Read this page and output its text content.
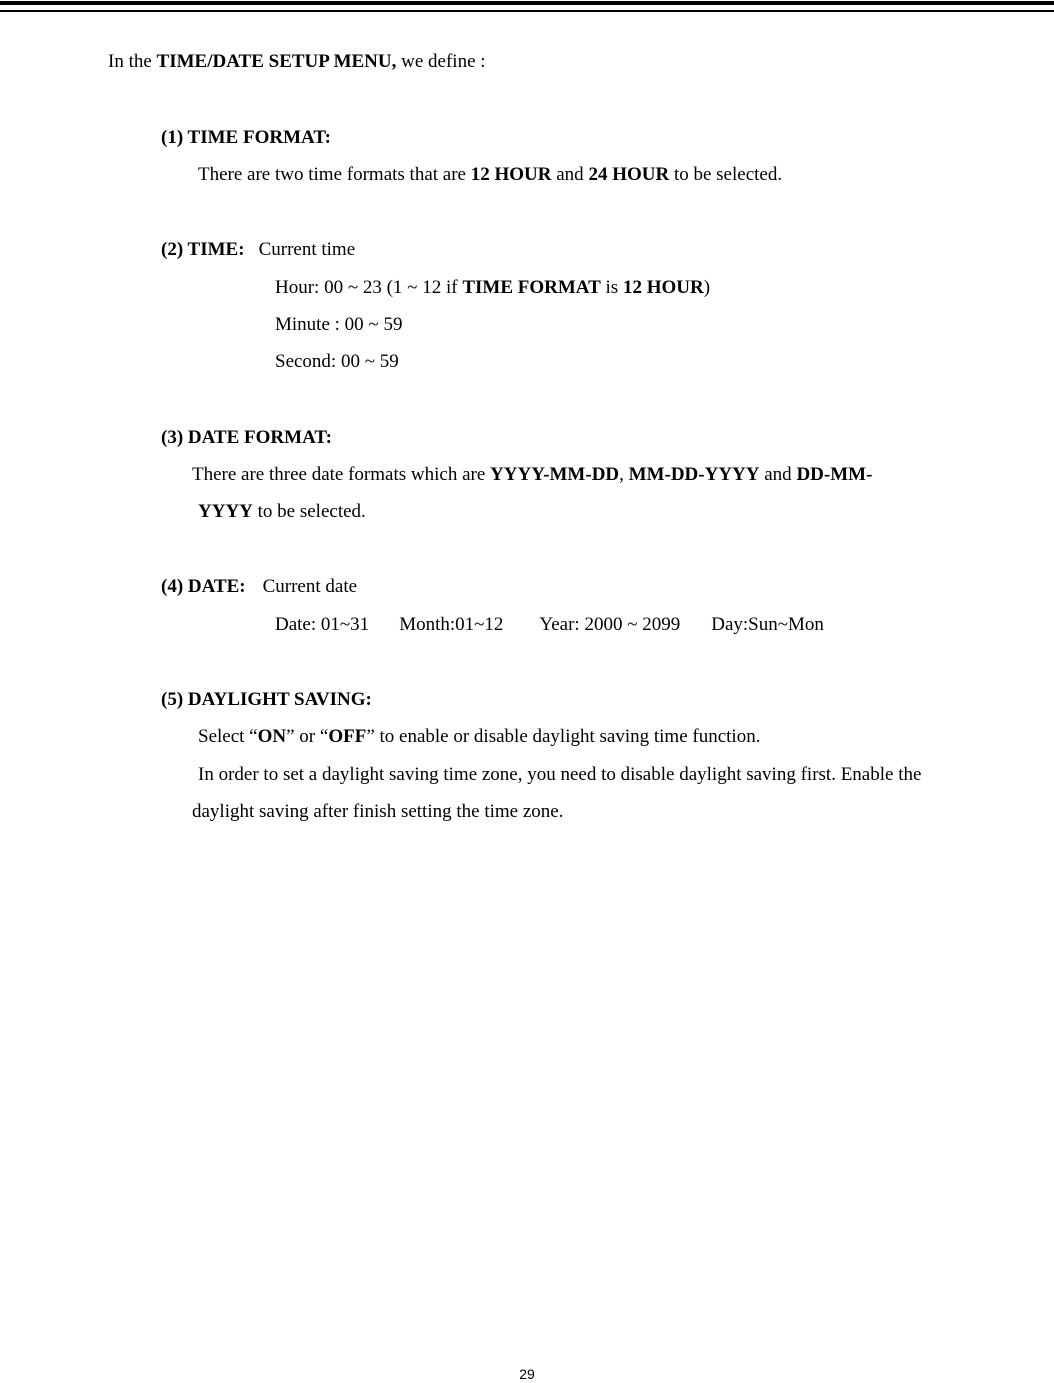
In the TIME/DATE SETUP MENU, we define :
(1) TIME FORMAT:
There are two time formats that are 12 HOUR and 24 HOUR to be selected.
(2) TIME: Current time
Hour: 00 ~ 23 (1 ~ 12 if TIME FORMAT is 12 HOUR)
Minute : 00 ~ 59
Second: 00 ~ 59
(3) DATE FORMAT:
There are three date formats which are YYYY-MM-DD, MM-DD-YYYY and DD-MM-
YYYY to be selected.
(4) DATE: Current date
Date: 01~31 Month:01~12 Year: 2000 ~ 2099 Day:Sun~Mon
(5) DAYLIGHT SAVING:
Select “ON” or “OFF” to enable or disable daylight saving time function.
In order to set a daylight saving time zone, you need to disable daylight saving first. Enable the
daylight saving after finish setting the time zone.
29
